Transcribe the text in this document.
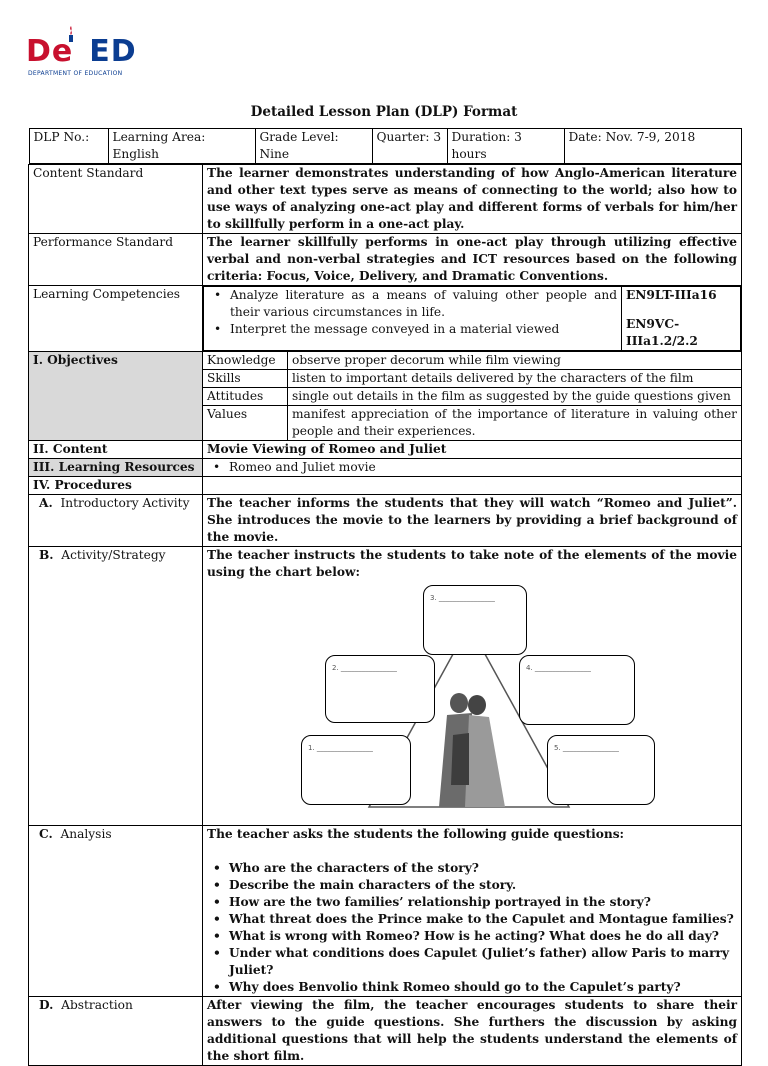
De ED
DEPARTMENT OF EDUCATION
Detailed Lesson Plan (DLP) Format
DLP No.:	Learning Area: English	Grade Level: Nine	Quarter: 3	Duration: 3 hours	Date: Nov. 7-9, 2018

Content Standard	The learner demonstrates understanding of how Anglo-American literature and other text types serve as means of connecting to the world; also how to use ways of analyzing one-act play and different forms of verbals for him/her to skillfully perform in a one-act play.
Performance Standard	The learner skillfully performs in one-act play through utilizing effective verbal and non-verbal strategies and ICT resources based on the following criteria: Focus, Voice, Delivery, and Dramatic Conventions.
Learning Competencies	
•	Analyze literature as a means of valuing other people and their various circumstances in life.
• Interpret the message conveyed in a material viewed

EN9LT-IIIa16
EN9VC-IIIa1.2/2.2

I. Objectives		Knowledge	observe proper decorum while film viewing
Skills	listen to important details delivered by the characters of the film
Attitudes	single out details in the film as suggested by the guide questions given
Values	manifest appreciation of the importance of literature in valuing other people and their experiences.

II. Content	Movie Viewing of Romeo and Juliet
III. Learning Resources	
•Romeo and Juliet movie

IV. Procedures	
A. Introductory Activity	The teacher informs the students that they will watch “Romeo and Juliet”. She introduces the movie to the learners by providing a brief background of the movie.
B. Activity/Strategy	The teacher instructs the students to take note of the elements of the movie using the chart below:
3. ________________
2. ________________	4. ________________
1. ________________	5. ________________

C. Analysis	The teacher asks the students the following guide questions:
• Who are the characters of the story?
• Describe the main characters of the story.
• How are the two families’ relationship portrayed in the story?
• What threat does the Prince make to the Capulet and Montague families?
• What is wrong with Romeo? How is he acting? What does he do all day?
• Under what conditions does Capulet (Juliet’s father) allow Paris to marry Juliet?
• Why does Benvolio think Romeo should go to the Capulet’s party?

D. Abstraction	After viewing the film, the teacher encourages students to share their answers to the guide questions. She furthers the discussion by asking additional questions that will help the students understand the elements of the short film.
